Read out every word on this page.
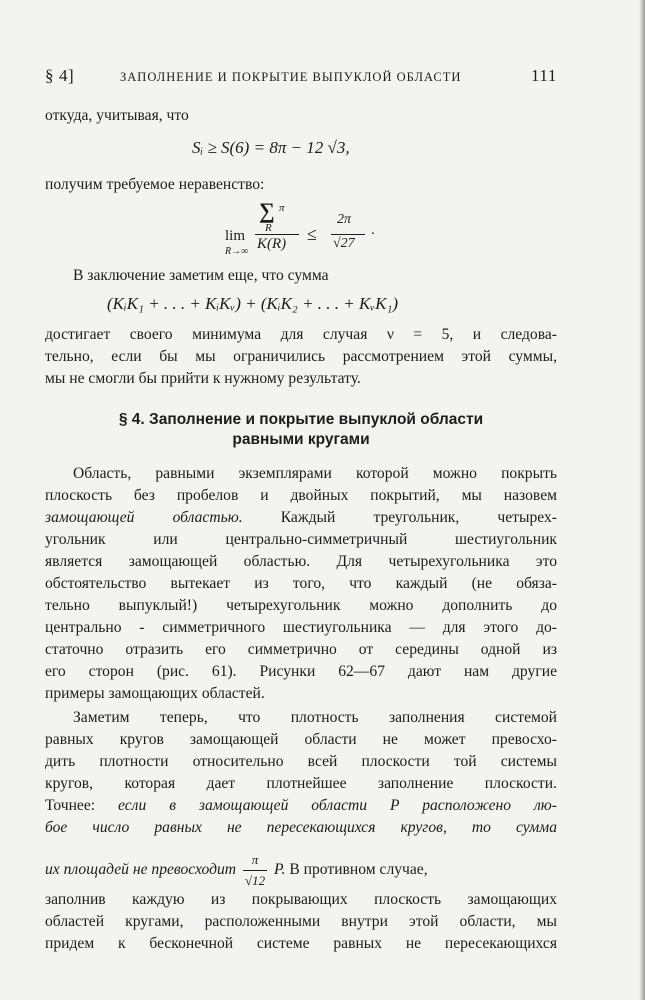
§ 4]	ЗАПОЛНЕНИЕ И ПОКРЫТИЕ ВЫПУКЛОЙ ОБЛАСТИ	111
откуда, учитывая, что
Sᵢ ≥ S(6) = 8π − 12 √3,
получим требуемое неравенство:
lim
R→∞
∑ π
R
K(R) ≤
2π
√27
.
В заключение заметим еще, что сумма
(KᵢK₁ + . . . + KᵢKᵥ) + (KᵢK₂ + . . . + KᵥK₁)
достигает своего минимума для случая ν = 5, и следова-
тельно, если бы мы ограничились рассмотрением этой суммы,
мы не смогли бы прийти к нужному результату.
§ 4. Заполнение и покрытие выпуклой области
равными кругами
Область, равными экземплярами которой можно покрыть
плоскость без пробелов и двойных покрытий, мы назовем
замощающей областью. Каждый треугольник, четырех-
угольник или центрально-симметричный шестиугольник
является замощающей областью. Для четырехугольника это
обстоятельство вытекает из того, что каждый (не обяза-
тельно выпуклый!) четырехугольник можно дополнить до
центрально - симметричного шестиугольника — для этого до-
статочно отразить его симметрично от середины одной из
его сторон (рис. 61). Рисунки 62—67 дают нам другие
примеры замощающих областей.
Заметим теперь, что плотность заполнения системой
равных кругов замощающей области не может превосхо-
дить плотности относительно всей плоскости той системы
кругов, которая дает плотнейшее заполнение плоскости.
Точнее: если в замощающей области P расположено лю-
бое число равных не пересекающихся кругов, то сумма
их площадей не превосходит $\frac{\pi}{√12} P$. В противном случае,
заполнив каждую из покрывающих плоскость замощающих
областей кругами, расположенными внутри этой области, мы
придем к бесконечной системе равных не пересекающихся
